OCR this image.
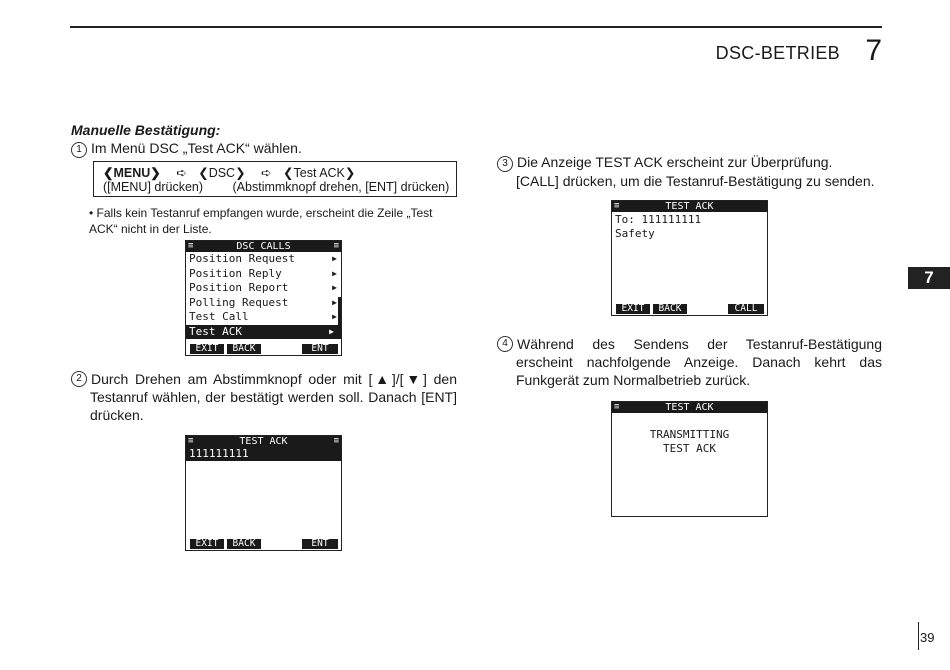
DSC-BETRIEB 7
7
Manuelle Bestätigung:
1 Im Menü DSC „Test ACK“ wählen.
❮MENU❯ ➪ ❮DSC❯ ➪ ❮Test ACK❯
([MENU] drücken) (Abstimmknopf drehen, [ENT] drücken)
• Falls kein Testanruf empfangen wurde, erscheint die Zeile „Test ACK“ nicht in der Liste.
≡	DSC CALLS	≡
Position Request	▶
Position Reply	▶
Position Report	▶
Polling Request	▶
Test Call	▶
Test ACK	▶
EXIT	BACK	ENT
2 Durch Drehen am Abstimmknopf oder mit [▲]/[▼] den Testanruf wählen, der bestätigt werden soll. Danach [ENT] drücken.
≡	TEST ACK	≡
111111111
EXIT	BACK	ENT
3 Die Anzeige TEST ACK erscheint zur Überprüfung.
[CALL] drücken, um die Testanruf-Bestätigung zu senden.
≡	TEST ACK
To: 111111111
Safety
EXIT	BACK	CALL
4 Während des Sendens der Testanruf-Bestätigung erscheint nachfolgende Anzeige. Danach kehrt das Funkgerät zum Normalbetrieb zurück.
≡	TEST ACK
TRANSMITTING
TEST ACK
39
